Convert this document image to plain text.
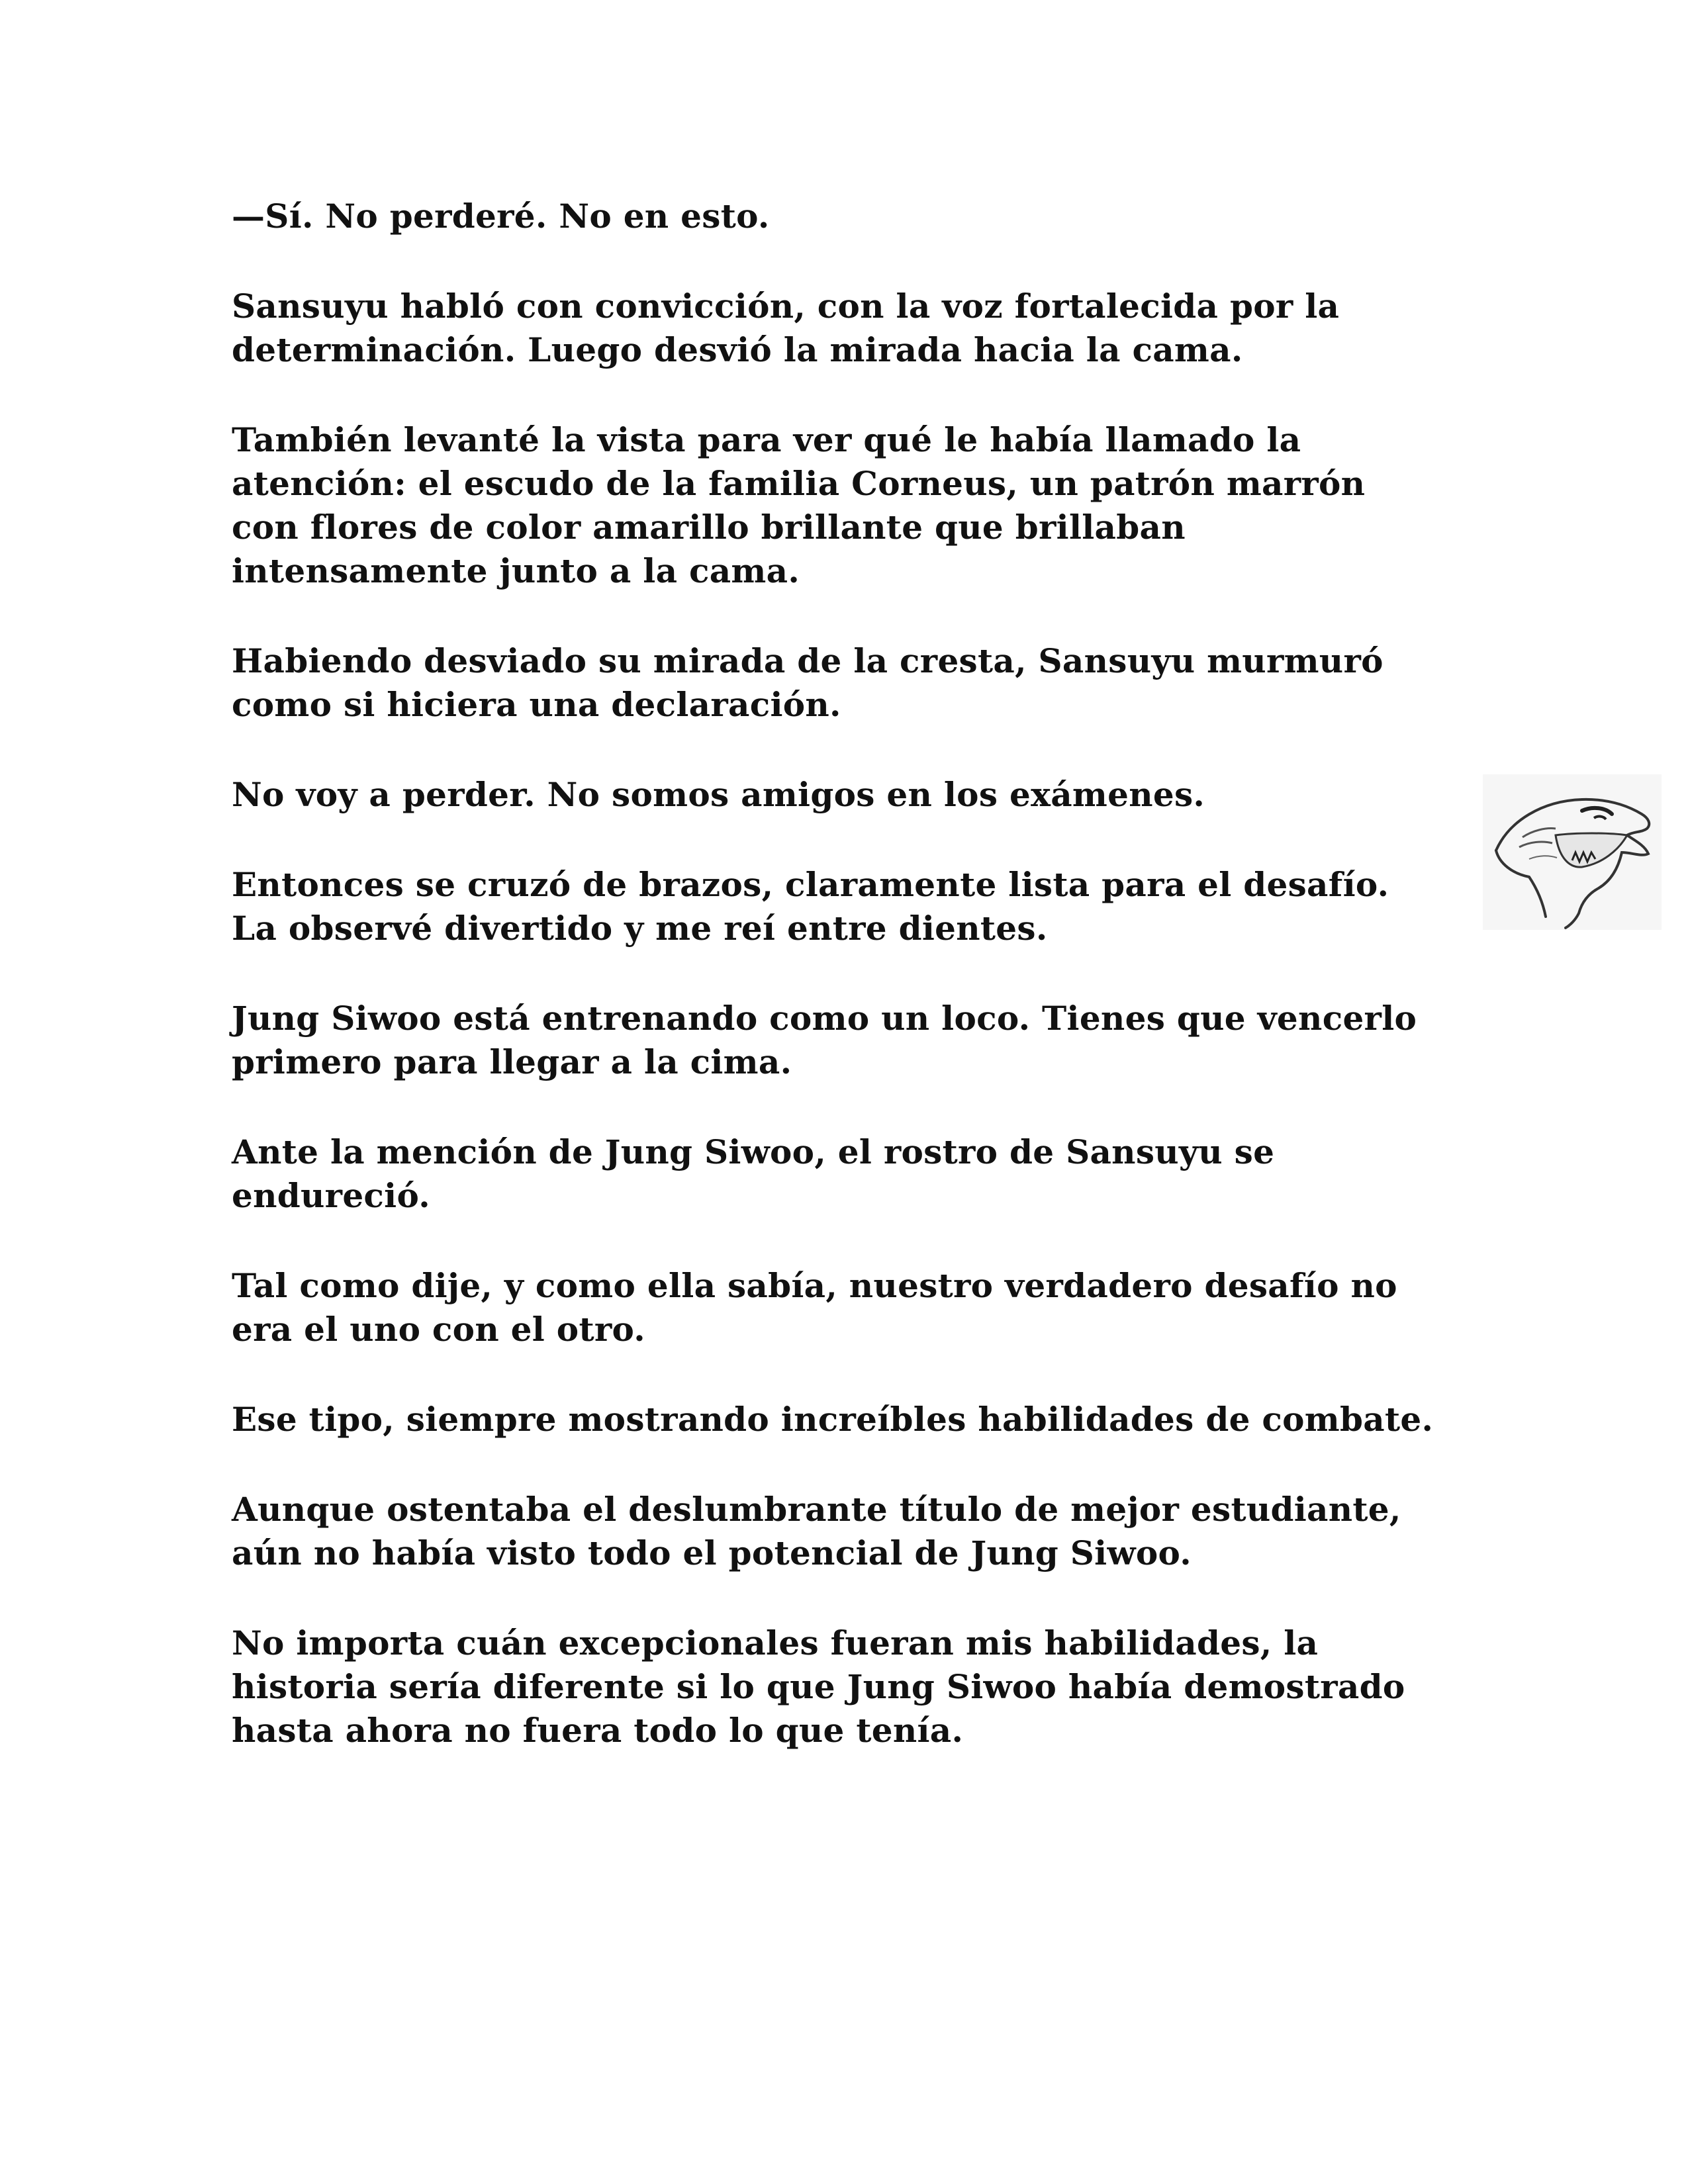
—Sí. No perderé. No en esto.

Sansuyu habló con convicción, con la voz fortalecida por la determinación. Luego desvió la mirada hacia la cama.

También levanté la vista para ver qué le había llamado la atención: el escudo de la familia Corneus, un patrón marrón con flores de color amarillo brillante que brillaban intensamente junto a la cama.

Habiendo desviado su mirada de la cresta, Sansuyu murmuró como si hiciera una declaración.

No voy a perder. No somos amigos en los exámenes.

Entonces se cruzó de brazos, claramente lista para el desafío. La observé divertido y me reí entre dientes.

Jung Siwoo está entrenando como un loco. Tienes que vencerlo primero para llegar a la cima.

Ante la mención de Jung Siwoo, el rostro de Sansuyu se endureció.

Tal como dije, y como ella sabía, nuestro verdadero desafío no era el uno con el otro.

Ese tipo, siempre mostrando increíbles habilidades de combate.

Aunque ostentaba el deslumbrante título de mejor estudiante, aún no había visto todo el potencial de Jung Siwoo.

No importa cuán excepcionales fueran mis habilidades, la historia sería diferente si lo que Jung Siwoo había demostrado hasta ahora no fuera todo lo que tenía.
